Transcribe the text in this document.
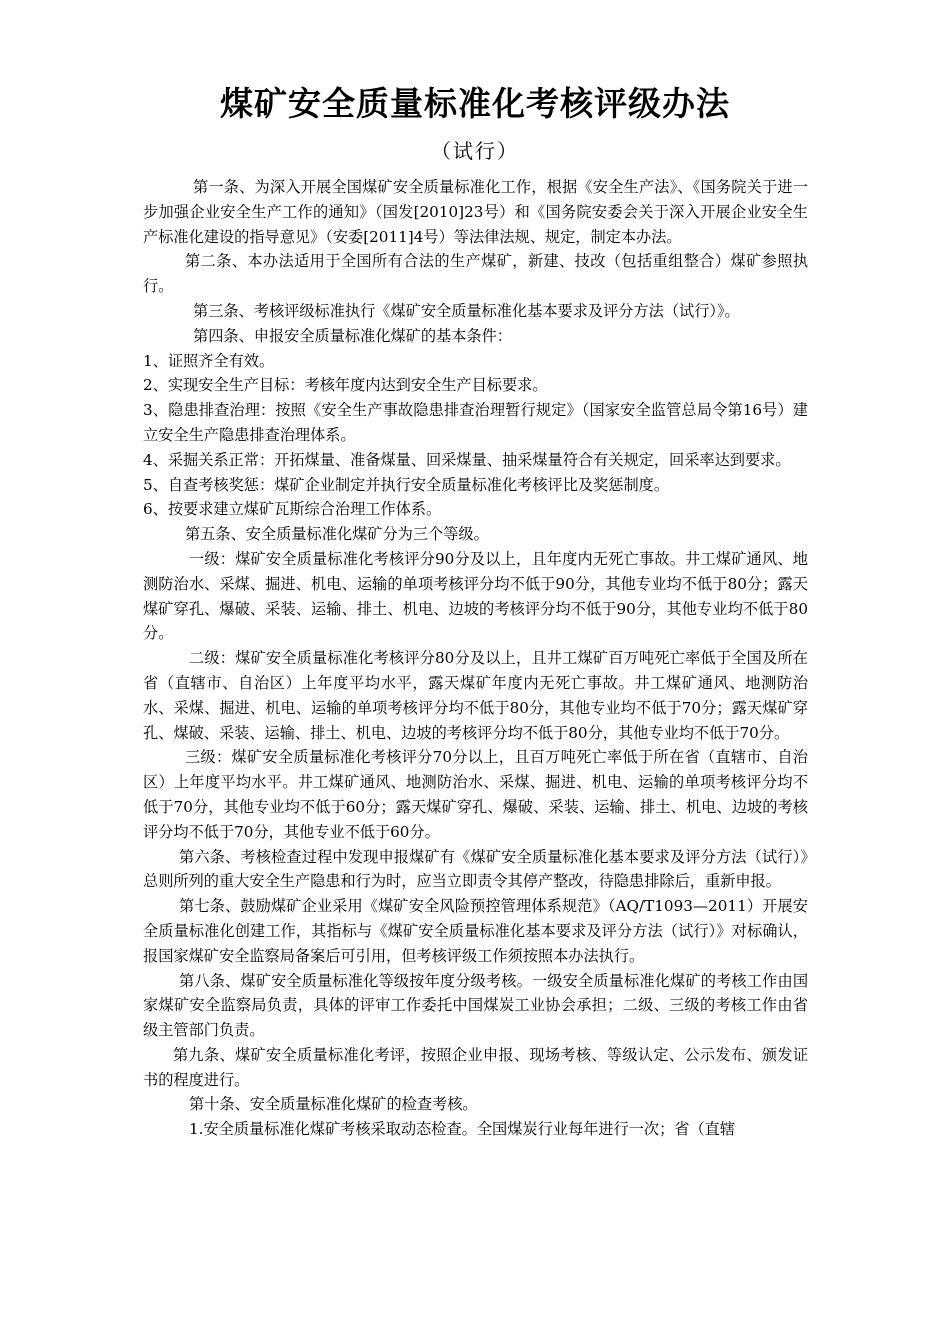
煤矿安全质量标准化考核评级办法
（试行）

第一条、为深入开展全国煤矿安全质量标准化工作，根据《安全生产法》、《国务院关于进一步加强企业安全生产工作的通知》（国发[2010]23号）和《国务院安委会关于深入开展企业安全生产标准化建设的指导意见》（安委[2011]4号）等法律法规、规定，制定本办法。

第二条、本办法适用于全国所有合法的生产煤矿，新建、技改（包括重组整合）煤矿参照执行。

第三条、考核评级标准执行《煤矿安全质量标准化基本要求及评分方法（试行）》。

第四条、申报安全质量标准化煤矿的基本条件：

1、证照齐全有效。

2、实现安全生产目标：考核年度内达到安全生产目标要求。

3、隐患排查治理：按照《安全生产事故隐患排查治理暂行规定》（国家安全监管总局令第16号）建立安全生产隐患排查治理体系。

4、采掘关系正常：开拓煤量、准备煤量、回采煤量、抽采煤量符合有关规定，回采率达到要求。

5、自查考核奖惩：煤矿企业制定并执行安全质量标准化考核评比及奖惩制度。

6、按要求建立煤矿瓦斯综合治理工作体系。

第五条、安全质量标准化煤矿分为三个等级。

一级：煤矿安全质量标准化考核评分90分及以上，且年度内无死亡事故。井工煤矿通风、地测防治水、采煤、掘进、机电、运输的单项考核评分均不低于90分，其他专业均不低于80分；露天煤矿穿孔、爆破、采装、运输、排土、机电、边坡的考核评分均不低于90分，其他专业均不低于80分。

二级：煤矿安全质量标准化考核评分80分及以上，且井工煤矿百万吨死亡率低于全国及所在省（直辖市、自治区）上年度平均水平，露天煤矿年度内无死亡事故。井工煤矿通风、地测防治水、采煤、掘进、机电、运输的单项考核评分均不低于80分，其他专业均不低于70分；露天煤矿穿孔、煤破、采装、运输、排土、机电、边坡的考核评分均不低于80分，其他专业均不低于70分。

三级：煤矿安全质量标准化考核评分70分以上，且百万吨死亡率低于所在省（直辖市、自治区）上年度平均水平。井工煤矿通风、地测防治水、采煤、掘进、机电、运输的单项考核评分均不低于70分，其他专业均不低于60分；露天煤矿穿孔、爆破、采装、运输、排土、机电、边坡的考核评分均不低于70分，其他专业不低于60分。

第六条、考核检查过程中发现申报煤矿有《煤矿安全质量标准化基本要求及评分方法（试行）》总则所列的重大安全生产隐患和行为时，应当立即责令其停产整改，待隐患排除后，重新申报。

第七条、鼓励煤矿企业采用《煤矿安全风险预控管理体系规范》（AQ/T1093—2011）开展安全质量标准化创建工作，其指标与《煤矿安全质量标准化基本要求及评分方法（试行）》对标确认，报国家煤矿安全监察局备案后可引用，但考核评级工作须按照本办法执行。

第八条、煤矿安全质量标准化等级按年度分级考核。一级安全质量标准化煤矿的考核工作由国家煤矿安全监察局负责，具体的评审工作委托中国煤炭工业协会承担；二级、三级的考核工作由省级主管部门负责。

第九条、煤矿安全质量标准化考评，按照企业申报、现场考核、等级认定、公示发布、颁发证书的程度进行。

第十条、安全质量标准化煤矿的检查考核。

1.安全质量标准化煤矿考核采取动态检查。全国煤炭行业每年进行一次；省（直辖
